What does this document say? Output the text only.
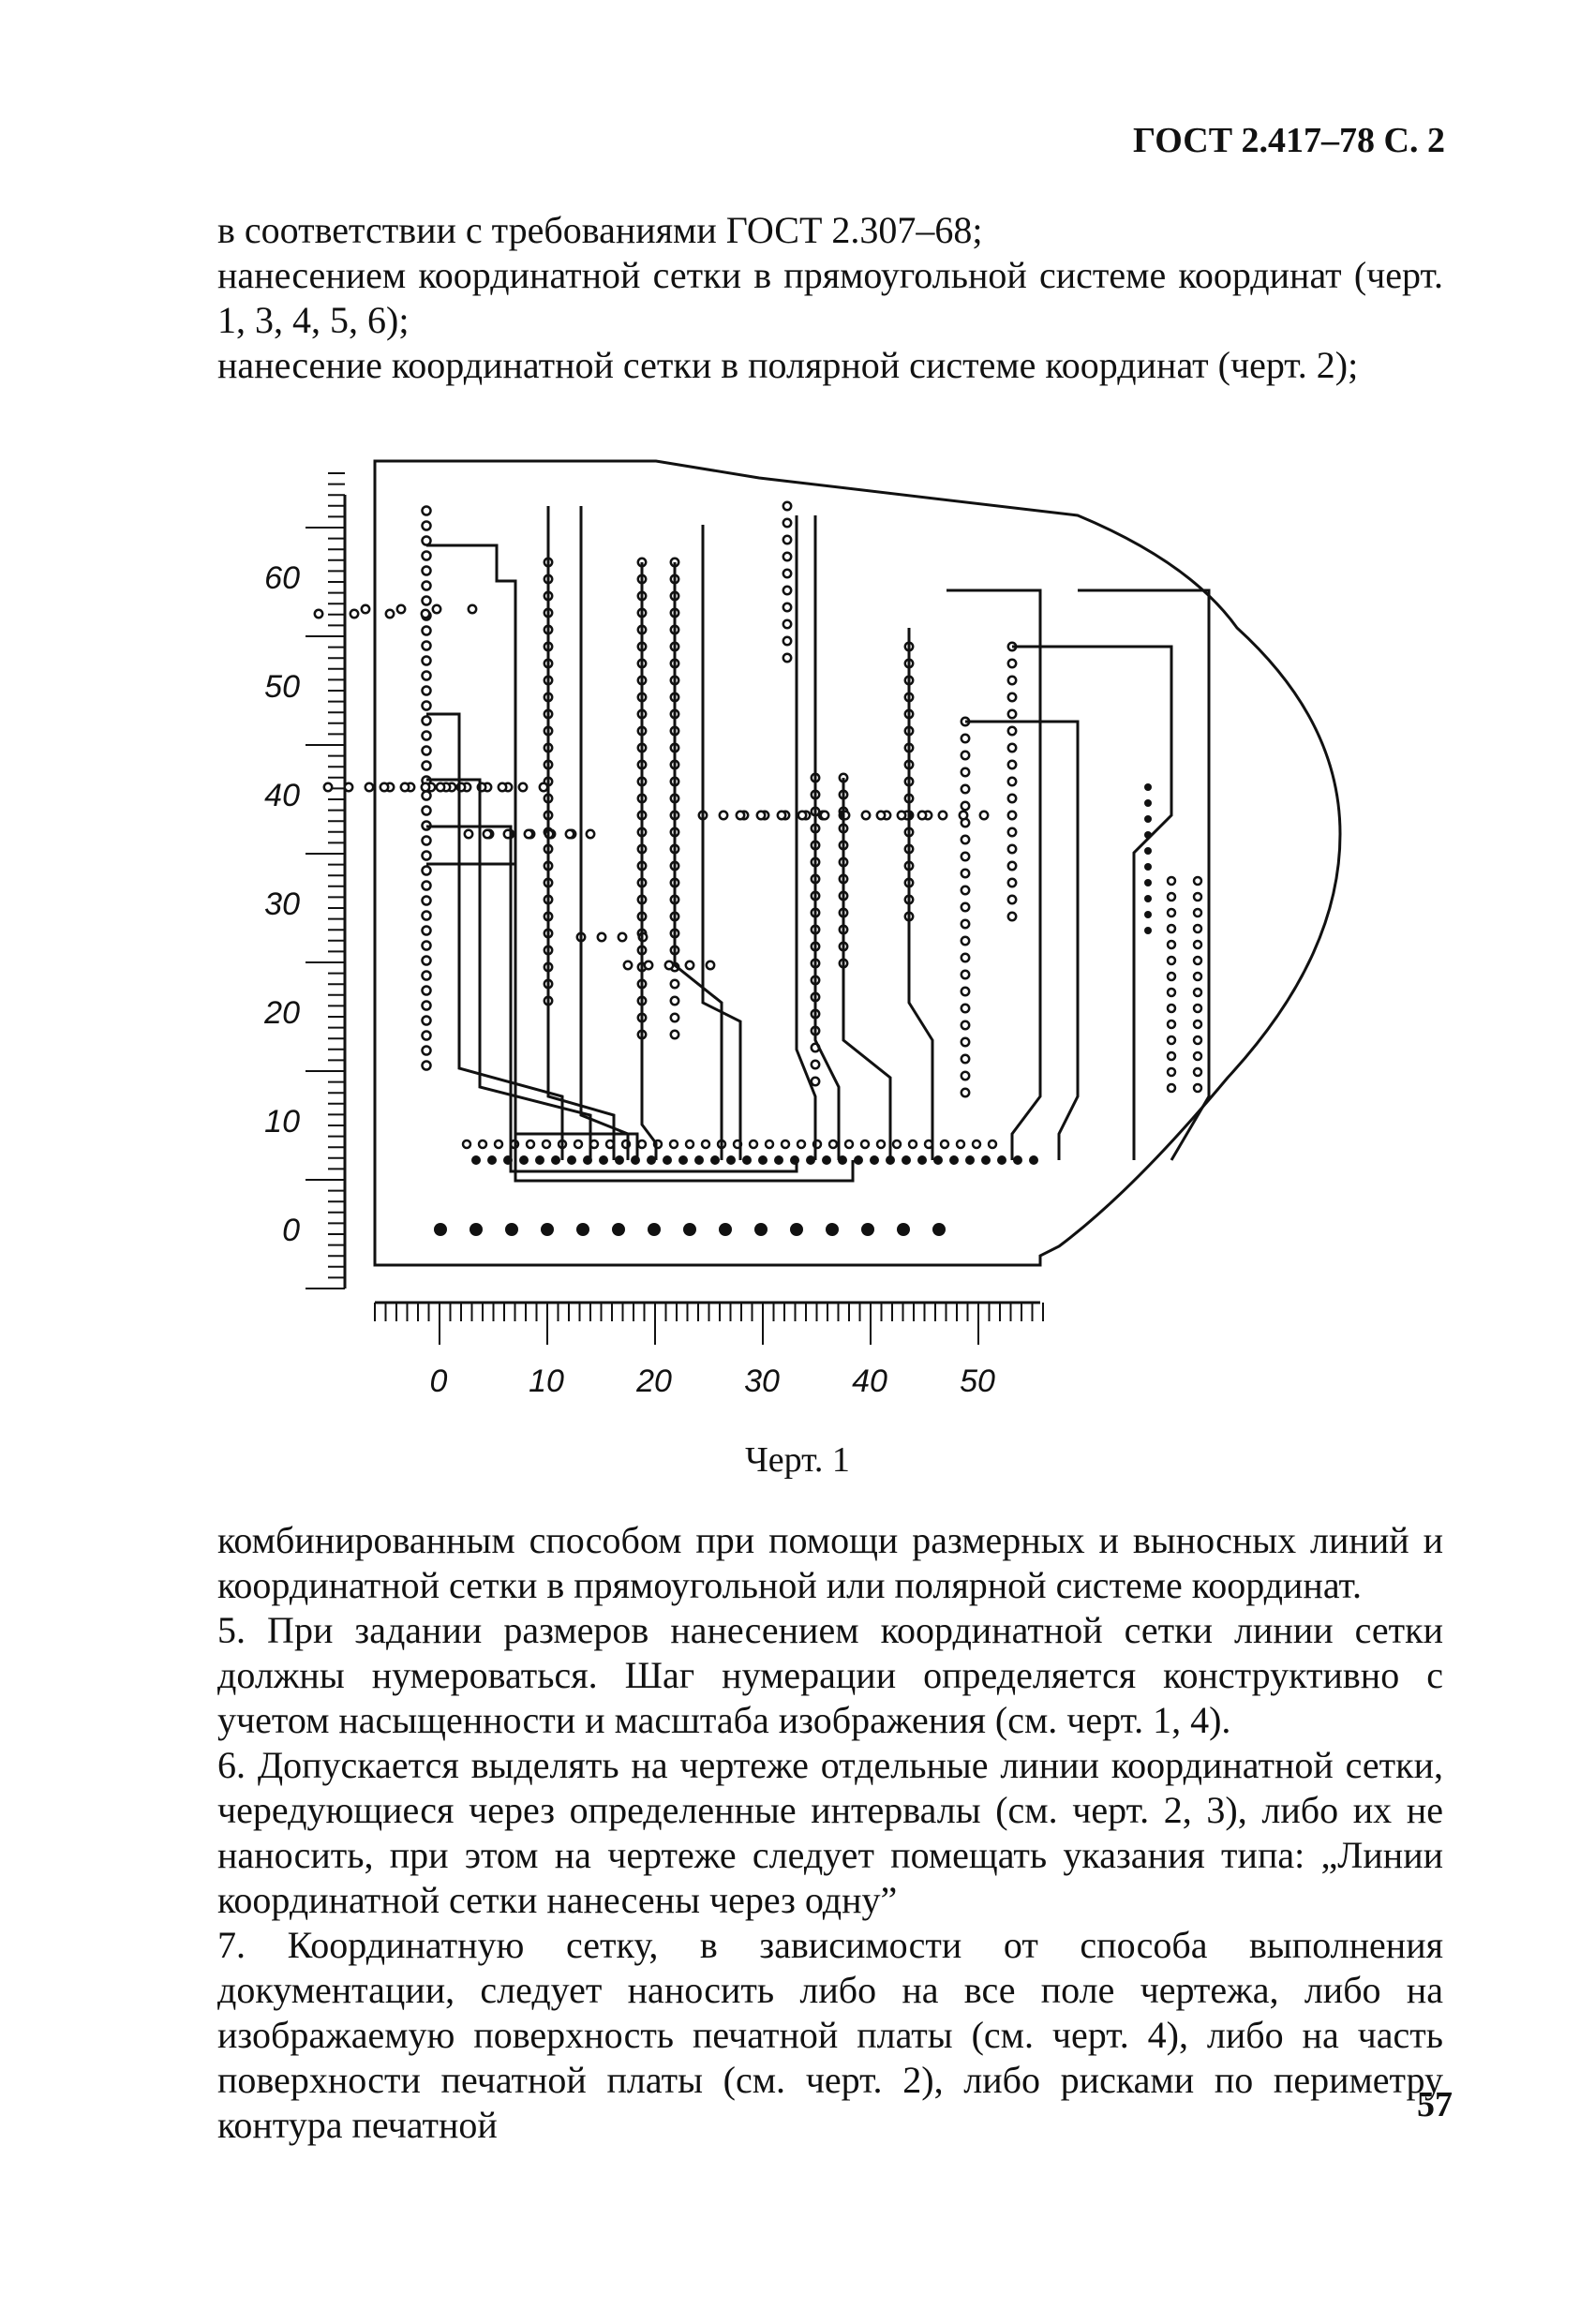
ГОСТ 2.417–78 С. 2

в соответствии с требованиями ГОСТ 2.307–68;

нанесением координатной сетки в прямоугольной системе координат (черт. 1, 3, 4, 5, 6);

нанесение координатной сетки в полярной системе координат (черт. 2);

60
50
40
30
20
10
0
0	10 20 30 40 50
Черт. 1

комбинированным способом при помощи размерных и выносных линий и координатной сетки в прямоугольной или полярной системе координат.

5. При задании размеров нанесением координатной сетки линии сетки должны нумероваться. Шаг нумерации определяется конструктивно с учетом насыщенности и масштаба изображения (см. черт. 1, 4).

6. Допускается выделять на чертеже отдельные линии координатной сетки, чередующиеся через определенные интервалы (см. черт. 2, 3), либо их не наносить, при этом на чертеже следует помещать указания типа: „Линии координатной сетки нанесены через одну”

7. Координатную сетку, в зависимости от способа выполнения документации, следует наносить либо на все поле чертежа, либо на изображаемую поверхность печатной платы (см. черт. 4), либо на часть поверхности печатной платы (см. черт. 2), либо рисками по периметру контура печатной	57
